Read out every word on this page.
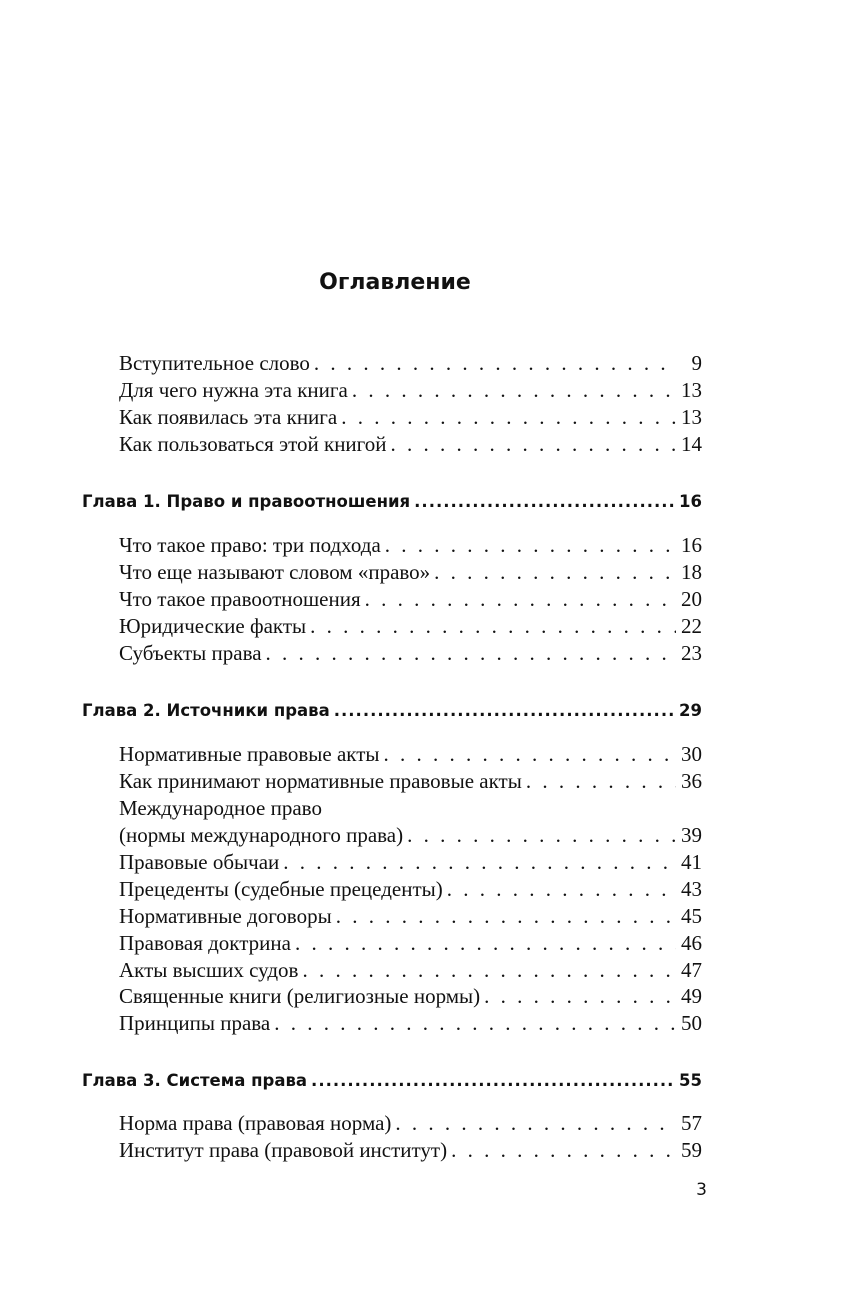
Оглавление
Вступительное слово . . .	9
Для чего нужна эта книга . . .	13
Как появилась эта книга . . .	13
Как пользоваться этой книгой . . .	14
Глава 1. Право и правоотношения .....	16
Что такое право: три подхода . . .	16
Что еще называют словом «право» . . .	18
Что такое правоотношения . . .	20
Юридические факты . . .	22
Субъекты права . . .	23
Глава 2. Источники права .....	29
Нормативные правовые акты . . .	30
Как принимают нормативные правовые акты . . .	36
Международное право
(нормы международного права) . . .	39
Правовые обычаи . . .	41
Прецеденты (судебные прецеденты) . . .	43
Нормативные договоры . . .	45
Правовая доктрина . . .	46
Акты высших судов . . .	47
Священные книги (религиозные нормы) . . .	49
Принципы права . . .	50
Глава 3. Система права .....	55
Норма права (правовая норма) . . .	57
Институт права (правовой институт) . . .	59
3
